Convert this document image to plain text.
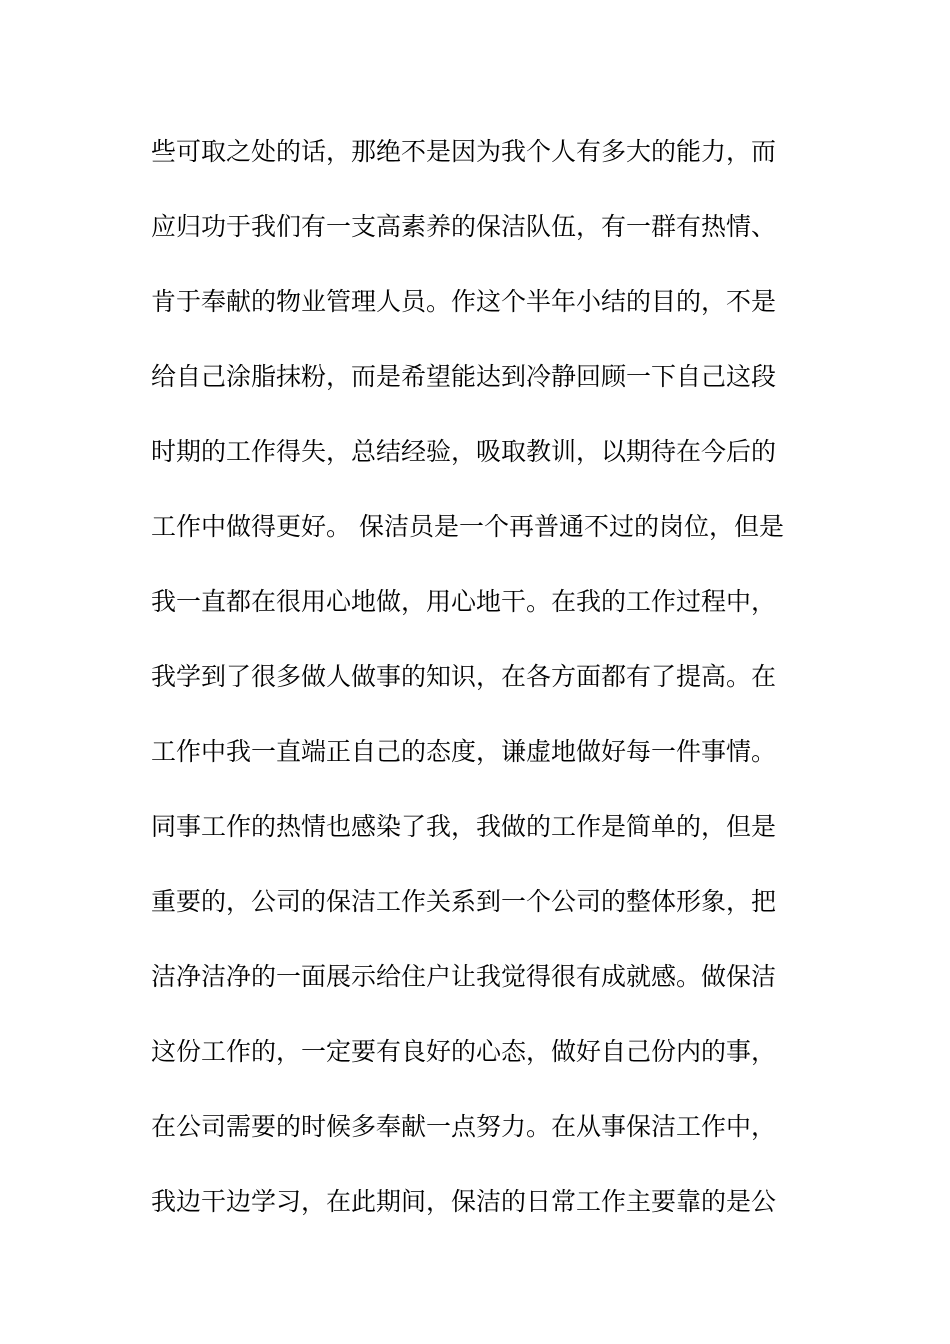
些可取之处的话，那绝不是因为我个人有多大的能力，而
应归功于我们有一支高素养的保洁队伍，有一群有热情、
肯于奉献的物业管理人员。作这个半年小结的目的，不是
给自己涂脂抹粉，而是希望能达到冷静回顾一下自己这段
时期的工作得失，总结经验，吸取教训，以期待在今后的
工作中做得更好。 保洁员是一个再普通不过的岗位，但是
我一直都在很用心地做，用心地干。在我的工作过程中，
我学到了很多做人做事的知识，在各方面都有了提高。在
工作中我一直端正自己的态度，谦虚地做好每一件事情。
同事工作的热情也感染了我，我做的工作是简单的，但是
重要的，公司的保洁工作关系到一个公司的整体形象，把
洁净洁净的一面展示给住户让我觉得很有成就感。做保洁
这份工作的，一定要有良好的心态，做好自己份内的事，
在公司需要的时候多奉献一点努力。在从事保洁工作中，
我边干边学习，在此期间，保洁的日常工作主要靠的是公
